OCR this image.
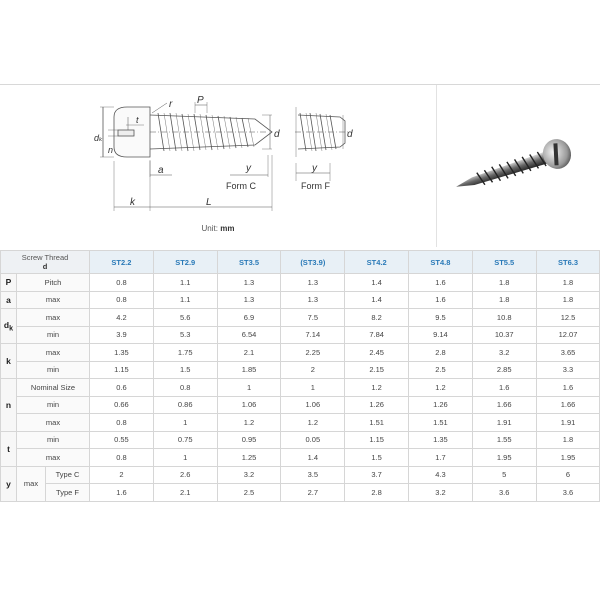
r P
dₖ
t
n
d	d
a	y	y
Form C	Form F
k	L
Unit: mm
Screw Thread
d			ST2.2	ST2.9	ST3.5	(ST3.9)	ST4.2	ST4.8	ST5.5	ST6.3
P	Pitch		0.8	1.1	1.3	1.3	1.4	1.6	1.8	1.8
a	max		0.8	1.1	1.3	1.3	1.4	1.6	1.8	1.8
$d_k$	max		4.2	5.6	6.9	7.5	8.2	9.5	10.8	12.5
	min		3.9	5.3	6.54	7.14	7.84	9.14	10.37	12.07
k	max		1.35	1.75	2.1	2.25	2.45	2.8	3.2	3.65
	min		1.15	1.5	1.85	2	2.15	2.5	2.85	3.3
n	Nominal Size		0.6	0.8	1	1	1.2	1.2	1.6	1.6
	min		0.66	0.86	1.06	1.06	1.26	1.26	1.66	1.66
	max		0.8	1	1.2	1.2	1.51	1.51	1.91	1.91
t	min		0.55	0.75	0.95	0.05	1.15	1.35	1.55	1.8
	max		0.8	1	1.25	1.4	1.5	1.7	1.95	1.95
y	max	Type C	2	2.6	3.2	3.5	3.7	4.3	5	6
		Type F	1.6	2.1	2.5	2.7	2.8	3.2	3.6	3.6
